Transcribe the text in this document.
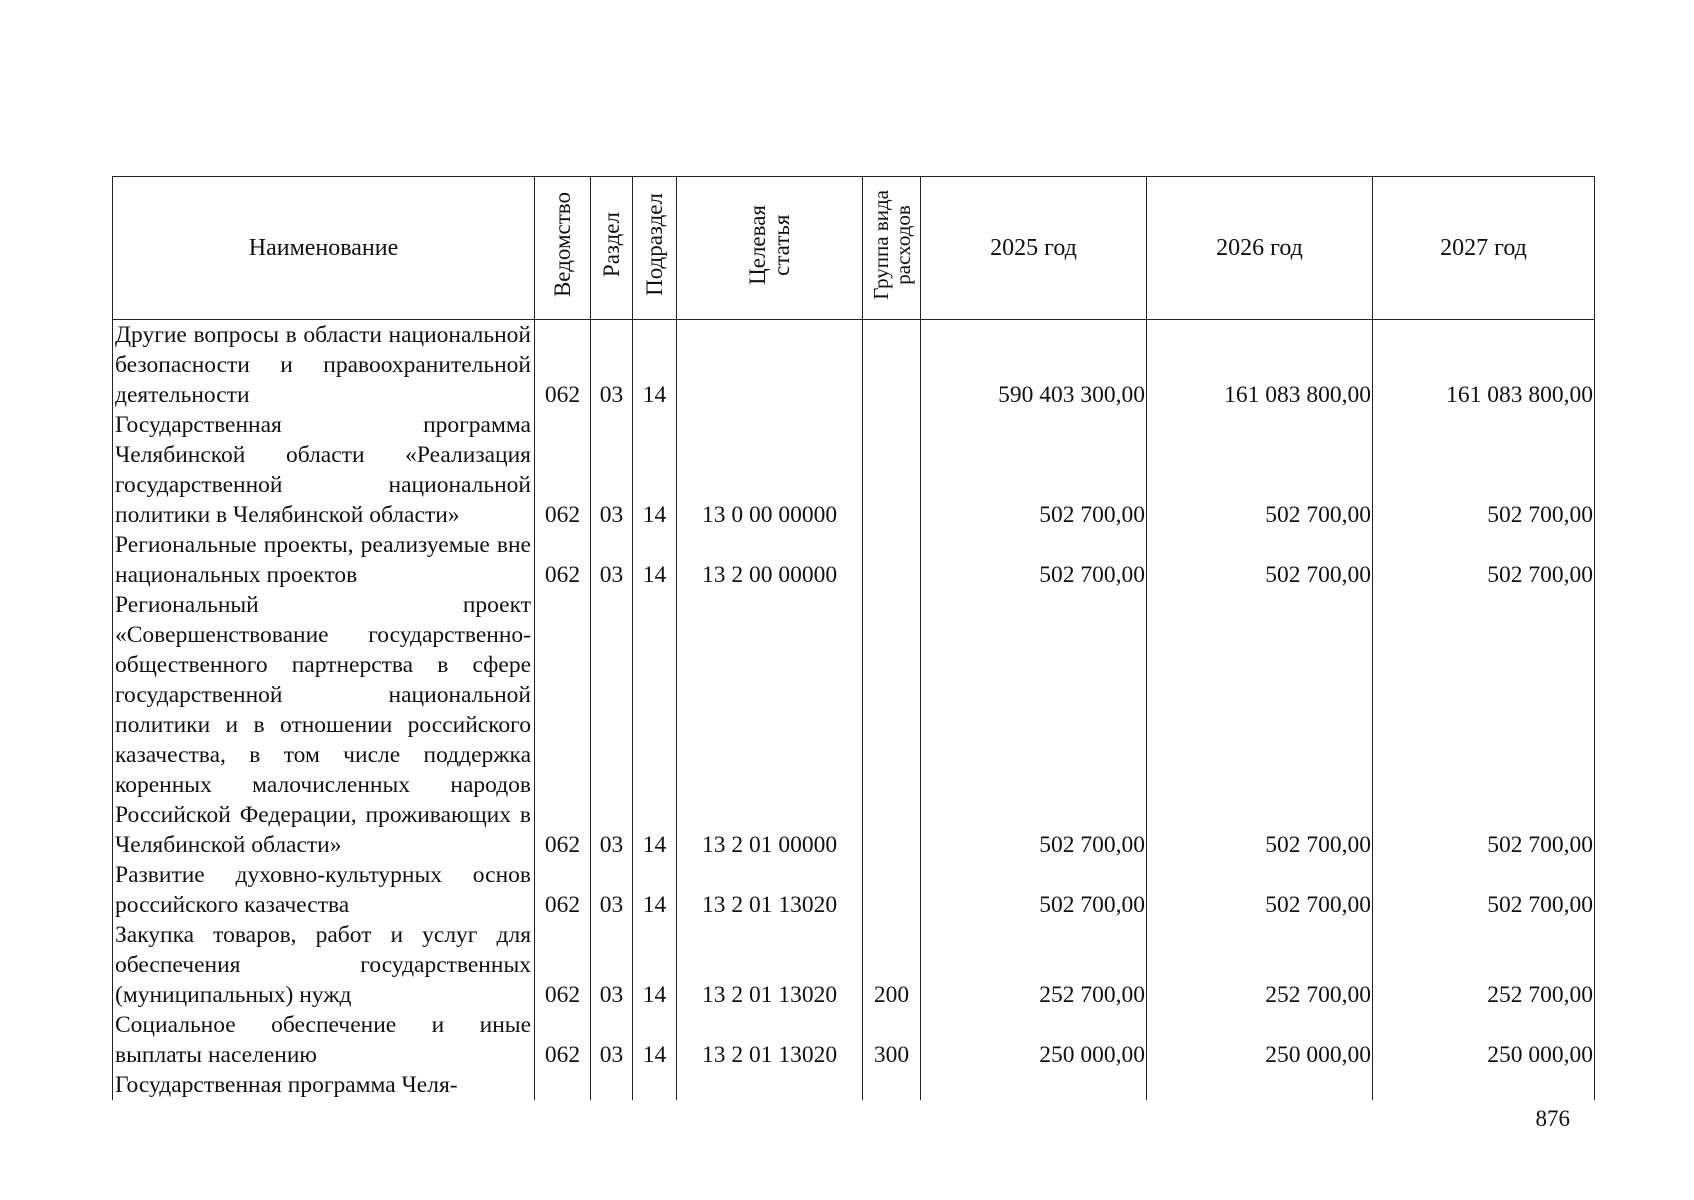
Наименование	Ведомство	Раздел	Подраздел	Целевая
статья	Группа вида
расходов	2025 год	2026 год	2027 год
Другие вопросы в области национальной безопасности и правоохранительной деятельности	062	03	14			590 403 300,00	161 083 800,00	161 083 800,00
Государственная программа Челябинской области «Реализация государственной национальной политики в Челябинской области»	062	03	14	13 0 00 00000		502 700,00	502 700,00	502 700,00
Региональные проекты, реализуемые вне национальных проектов	062	03	14	13 2 00 00000		502 700,00	502 700,00	502 700,00
Региональный проект «Совершенствование государственно-общественного партнерства в сфере государственной национальной политики и в отношении российского казачества, в том числе поддержка коренных малочисленных народов Российской Федерации, проживающих в Челябинской области»	062	03	14	13 2 01 00000		502 700,00	502 700,00	502 700,00
Развитие духовно-культурных основ российского казачества	062	03	14	13 2 01 13020		502 700,00	502 700,00	502 700,00
Закупка товаров, работ и услуг для обеспечения государственных (муниципальных) нужд	062	03	14	13 2 01 13020	200	252 700,00	252 700,00	252 700,00
Социальное обеспечение и иные выплаты населению	062	03	14	13 2 01 13020	300	250 000,00	250 000,00	250 000,00
Государственная программа Челя-								
876
